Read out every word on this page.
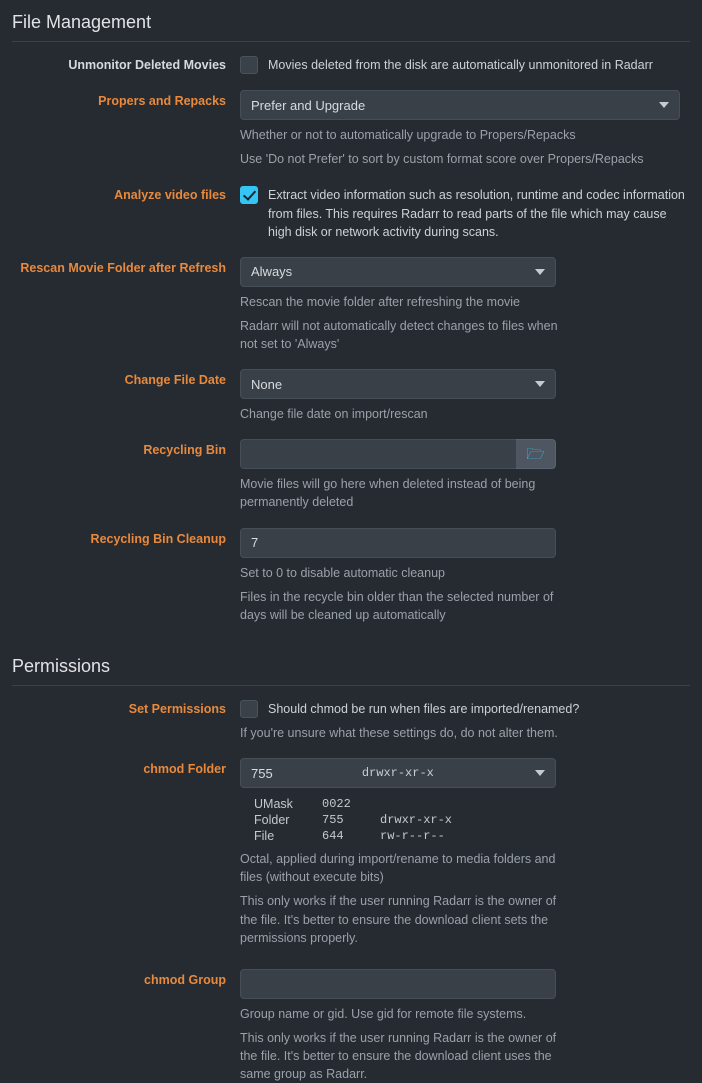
File Management
Unmonitor Deleted Movies	Movies deleted from the disk are automatically unmonitored in Radarr
Propers and Repacks	Prefer and Upgrade
Whether or not to automatically upgrade to Propers/Repacks
Use 'Do not Prefer' to sort by custom format score over Propers/Repacks
Analyze video files	Extract video information such as resolution, runtime and codec information from files. This requires Radarr to read parts of the file which may cause high disk or network activity during scans.
Rescan Movie Folder after Refresh	Always
Rescan the movie folder after refreshing the movie
Radarr will not automatically detect changes to files when not set to 'Always'
Change File Date	None
Change file date on import/rescan
Recycling Bin	🗁
Movie files will go here when deleted instead of being permanently deleted
Recycling Bin Cleanup	7
Set to 0 to disable automatic cleanup
Files in the recycle bin older than the selected number of days will be cleaned up automatically
Permissions
Set Permissions	Should chmod be run when files are imported/renamed?
If you're unsure what these settings do, do not alter them.
chmod Folder	755	drwxr-xr-x
UMask	0022	
Folder	755	drwxr-xr-x
File	644	rw-r--r--
Octal, applied during import/rename to media folders and files (without execute bits)
This only works if the user running Radarr is the owner of the file. It's better to ensure the download client sets the permissions properly.
chmod Group
Group name or gid. Use gid for remote file systems.
This only works if the user running Radarr is the owner of the file. It's better to ensure the download client uses the same group as Radarr.
